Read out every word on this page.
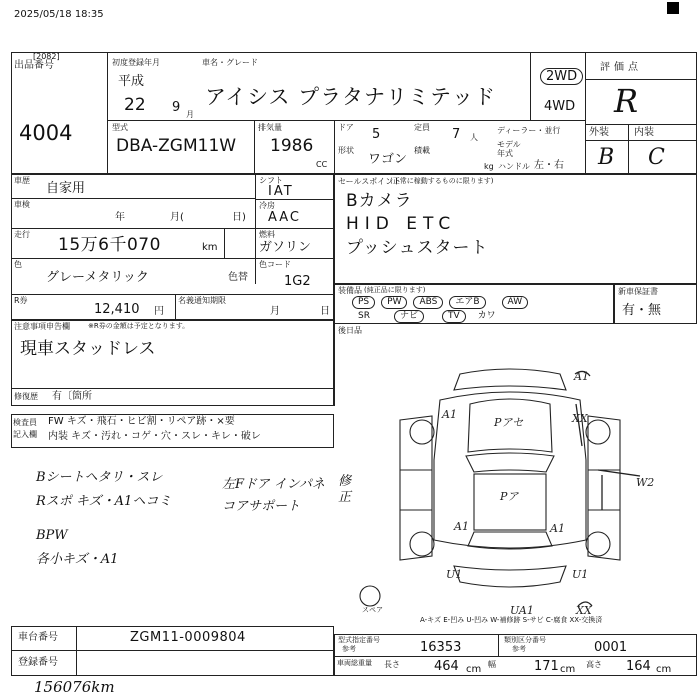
2025/05/18 18:35
[2082]
出品番号
4004
初度登録年月	車名・グレード
平成
22 9 月
アイシス プラタナリミテッド
2WD
4WD
評価点
R
外装	内装
B C
型式
DBA-ZGM11W
排気量
1986
CC
ドア 5
形状
ワゴン
定員 7 人
積載
kg
ディーラー・並行
モデル年式
ハンドル 左・右
車歴
自家用
車検
年	月(	日)
走行
15万6千070	km
色
グレーメタリック	色替
シフト
IAT
冷房
AAC
燃料
ガソリン
色コード
1G2
R券
12,410 円
名義通知期限
月	日
注意事項申告欄	※R券の金額は予定となります。
現車スタッドレス
修復歴 有〔箇所
セールスポイント
(正常に稼動するものに限ります)
Bカメラ
HID ETC
プッシュスタート
装備品 (純正品に限ります)
PS	PW	ABS	エアB	AW
SR	ナビ	TV	カワ
新車保証書
有・無
後日品
検査員
記入欄
FW キズ・飛石・ヒビ割・リペア跡・×要
内装 キズ・汚れ・コゲ・穴・スレ・キレ・破レ
Bシートヘタリ・スレ
Rスポ キズ・A1ヘコミ
BPW
各小キズ・A1
左Fドア インパネ
コアサポート
修正
A1
A1
Pアセ	XX
Pア
W2
A1
U1	U1
UA1
A1
XX
スペア
A-キズ E-凹み U-凹み W-補修跡 S-サビ C-腐食 XX-交換済
車台番号	ZGM11-0009804
登録番号
型式指定番号
参考	16353	類別区分番号
参考	0001
車両総重量 長さ	464 cm 幅	171 cm 高さ 164 cm
156076km
